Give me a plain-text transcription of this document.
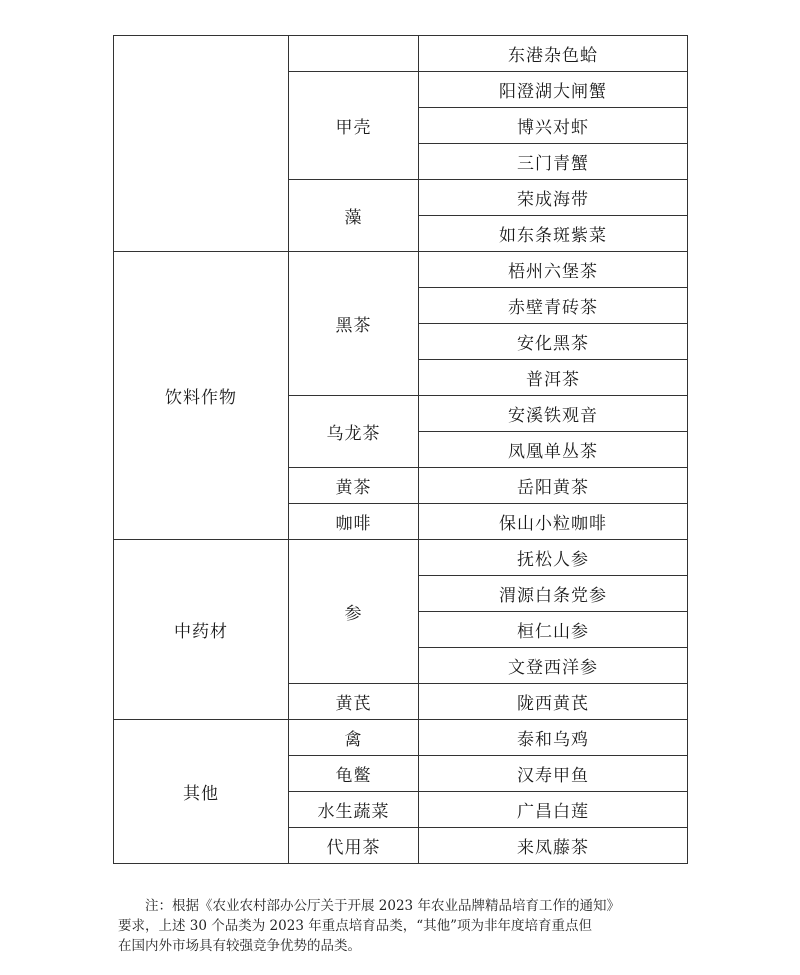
		东港杂色蛤
	甲壳	阳澄湖大闸蟹
		博兴对虾
		三门青蟹
	藻	荣成海带
		如东条斑紫菜
饮料作物	黑茶	梧州六堡茶
		赤壁青砖茶
		安化黑茶
		普洱茶
	乌龙茶	安溪铁观音
		凤凰单丛茶
	黄茶	岳阳黄茶
	咖啡	保山小粒咖啡
中药材	参	抚松人参
		渭源白条党参
		桓仁山参
		文登西洋参
	黄芪	陇西黄芪
其他	禽	泰和乌鸡
	龟鳖	汉寿甲鱼
	水生蔬菜	广昌白莲
	代用茶	来凤藤茶

注：根据《农业农村部办公厅关于开展 2023 年农业品牌精品培育工作的通知》

要求，上述 30 个品类为 2023 年重点培育品类，“其他”项为非年度培育重点但

在国内外市场具有较强竞争优势的品类。
